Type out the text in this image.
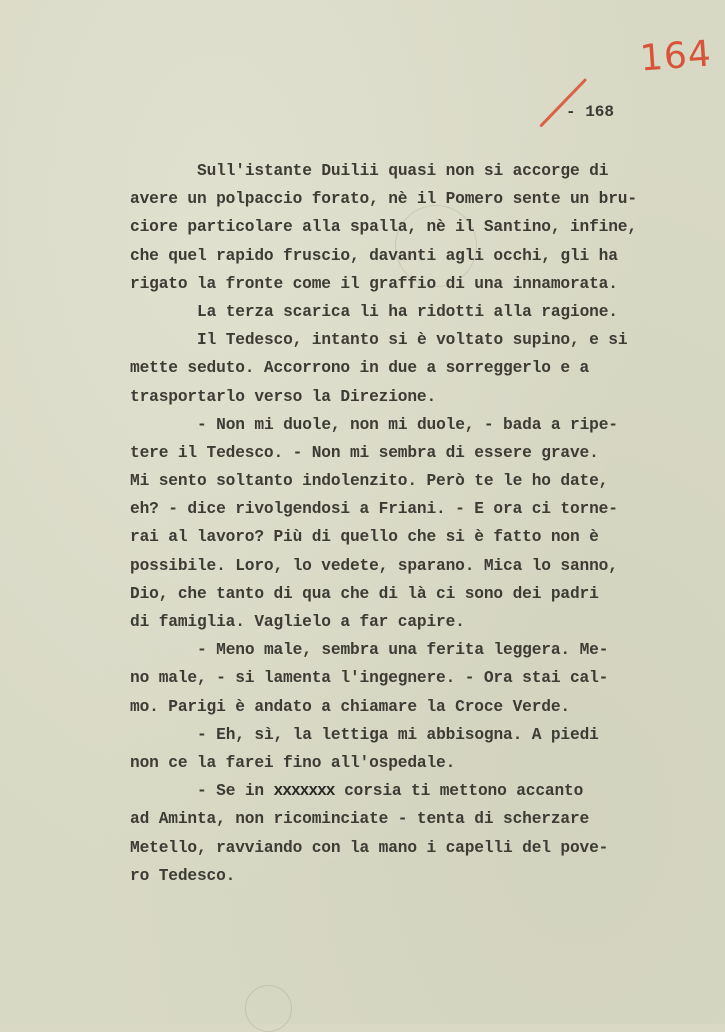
164
- 168
Sull'istante Duilii quasi non si accorge di
avere un polpaccio forato, nè il Pomero sente un bru-
ciore particolare alla spalla, nè il Santino, infine,
che quel rapido fruscio, davanti agli occhi, gli ha
rigato la fronte come il graffio di una innamorata.
La terza scarica li ha ridotti alla ragione.
Il Tedesco, intanto si è voltato supino, e si
mette seduto. Accorrono in due a sorreggerlo e a
trasportarlo verso la Direzione.
- Non mi duole, non mi duole, - bada a ripe-
tere il Tedesco. - Non mi sembra di essere grave.
Mi sento soltanto indolenzito. Però te le ho date,
eh? - dice rivolgendosi a Friani. - E ora ci torne-
rai al lavoro? Più di quello che si è fatto non è
possibile. Loro, lo vedete, sparano. Mica lo sanno,
Dio, che tanto di qua che di là ci sono dei padri
di famiglia. Vaglielo a far capire.
- Meno male, sembra una ferita leggera. Me-
no male, - si lamenta l'ingegnere. - Ora stai cal-
mo. Parigi è andato a chiamare la Croce Verde.
- Eh, sì, la lettiga mi abbisogna. A piedi
non ce la farei fino all'ospedale.
- Se in xxxxxxx corsia ti mettono accanto
ad Aminta, non ricominciate - tenta di scherzare
Metello, ravviando con la mano i capelli del pove-
ro Tedesco.
